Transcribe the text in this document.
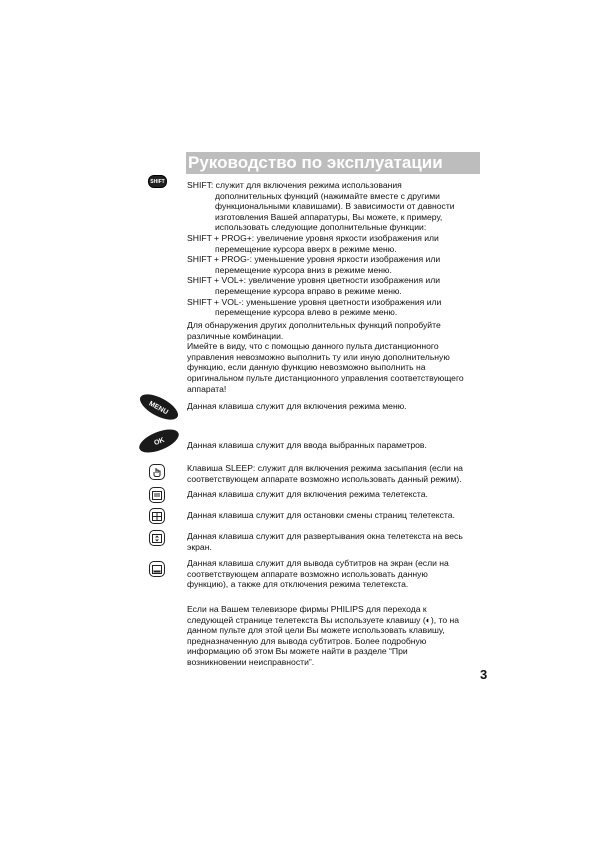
Руководство по эксплуатации
SHIFT	SHIFT: служит для включения режима использования
дополнительных функций (нажимайте вместе с другими
функциональными клавишами). В зависимости от давности
изготовления Вашей аппаратуры, Вы можете, к примеру,
использовать следующие дополнительные функции:
SHIFT + PROG+: увеличение уровня яркости изображения или
перемещение курсора вверх в режиме меню.
SHIFT + PROG-: уменьшение уровня яркости изображения или
перемещение курсора вниз в режиме меню.
SHIFT + VOL+: увеличение уровня цветности изображения или
перемещение курсора вправо в режиме меню.
SHIFT + VOL-: уменьшение уровня цветности изображения или
перемещение курсора влево в режиме меню.
Для обнаружения других дополнительных функций попробуйте
различные комбинации.
Имейте в виду, что с помощью данного пульта дистанционного
управления невозможно выполнить ту или иную дополнительную
функцию, если данную функцию невозможно выполнить на
оригинальном пульте дистанционного управления соответствующего
аппарата!
MENU Данная клавиша служит для включения режима меню.
OK Данная клавиша служит для ввода выбранных параметров.
Клавиша SLEEP: служит для включения режима засыпания (если на
соответствующем аппарате возможно использовать данный режим).
Данная клавиша служит для включения режима телетекста.
Данная клавиша служит для остановки смены страниц телетекста.
Данная клавиша служит для развертывания окна телетекста на весь
экран.
Данная клавиша служит для вывода субтитров на экран (если на
соответствующем аппарате возможно использовать данную
функцию), а также для отключения режима телетекста.
Если на Вашем телевизоре фирмы PHILIPS для перехода к
следующей странице телетекста Вы используете клавишу (◐), то на
данном пульте для этой цели Вы можете использовать клавишу,
предназначенную для вывода субтитров. Более подробную
информацию об этом Вы можете найти в разделе “При
возникновении неисправности”.
3
